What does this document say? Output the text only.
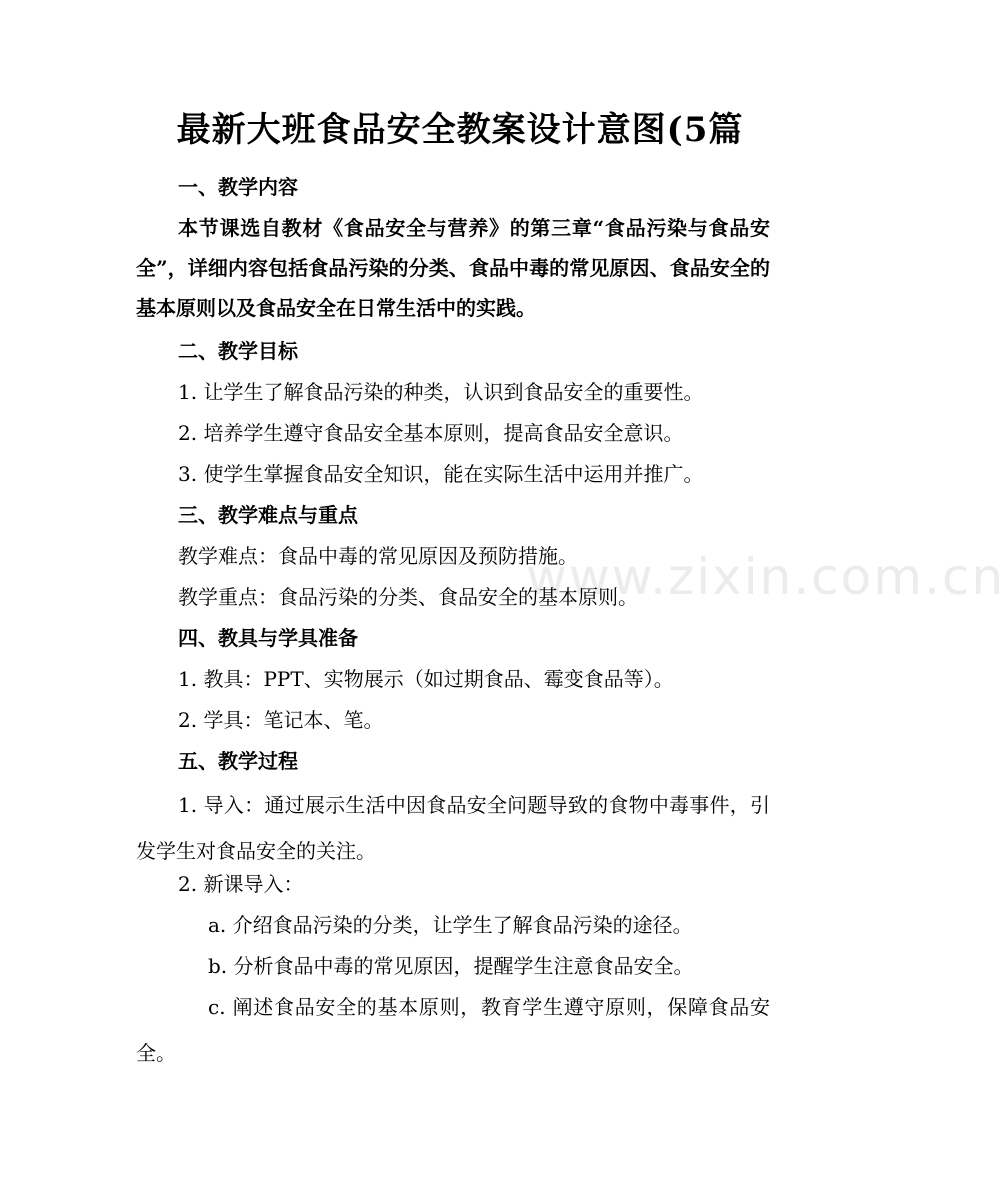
www.zixin.com.cn
最新大班食品安全教案设计意图(5篇
一、教学内容
本节课选自教材《食品安全与营养》的第三章“食品污染与食品安全”，详细内容包括食品污染的分类、食品中毒的常见原因、食品安全的基本原则以及食品安全在日常生活中的实践。
二、教学目标
1. 让学生了解食品污染的种类，认识到食品安全的重要性。
2. 培养学生遵守食品安全基本原则，提高食品安全意识。
3. 使学生掌握食品安全知识，能在实际生活中运用并推广。
三、教学难点与重点
教学难点：食品中毒的常见原因及预防措施。
教学重点：食品污染的分类、食品安全的基本原则。
四、教具与学具准备
1. 教具：PPT、实物展示（如过期食品、霉变食品等）。
2. 学具：笔记本、笔。
五、教学过程
1. 导入：通过展示生活中因食品安全问题导致的食物中毒事件，引发学生对食品安全的关注。
2. 新课导入：
a. 介绍食品污染的分类，让学生了解食品污染的途径。
b. 分析食品中毒的常见原因，提醒学生注意食品安全。
c. 阐述食品安全的基本原则，教育学生遵守原则，保障食品安全。
